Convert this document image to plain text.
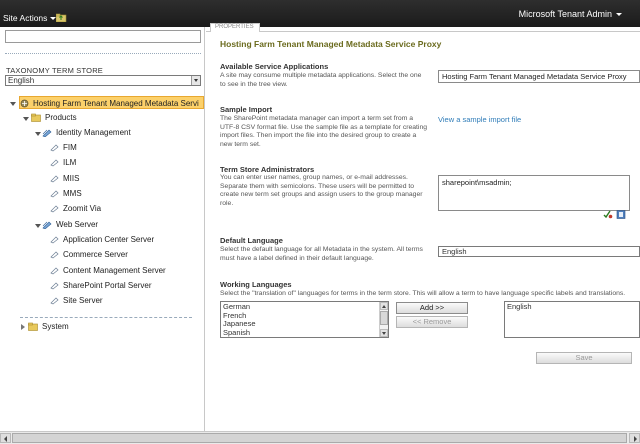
Site Actions	Microsoft Tenant Admin
TAXONOMY TERM STORE
English
Hosting Farm Tenant Managed Metadata Servi
Products
Identity Management
FIM
ILM
MIIS
MMS
Zoomit Via
Web Server
Application Center Server
Commerce Server
Content Management Server
SharePoint Portal Server
Site Server
System
PROPERTIES
Hosting Farm Tenant Managed Metadata Service Proxy
Available Service Applications
A site may consume multiple metadata applications. Select the one to see in the tree view.
Hosting Farm Tenant Managed Metadata Service Proxy
Sample Import
The SharePoint metadata manager can import a term set from a UTF-8 CSV format file. Use the sample file as a template for creating import files. Then import the file into the desired group to create a new term set.
View a sample import file
Term Store Administrators
You can enter user names, group names, or e-mail addresses. Separate them with semicolons. These users will be permitted to create new term set groups and assign users to the group manager role.
sharepoint\msadmin;
Default Language
Select the default language for all Metadata in the system. All terms must have a label defined in their default language.
English
Working Languages
Select the "translation of" languages for terms in the term store. This will allow a term to have language specific labels and translations.
German
French
Japanese
Spanish
Add >>
<< Remove
English
Save
